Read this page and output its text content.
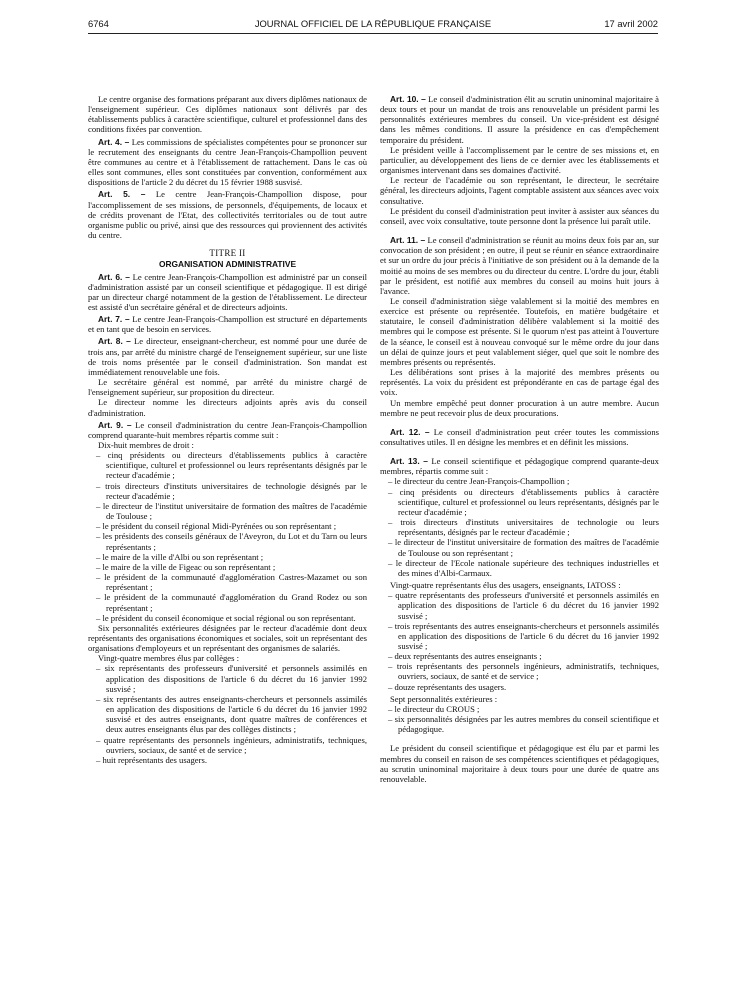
6764	JOURNAL OFFICIEL DE LA RÉPUBLIQUE FRANÇAISE	17 avril 2002

Le centre organise des formations préparant aux divers diplômes nationaux de l'enseignement supérieur. Ces diplômes nationaux sont délivrés par des établissements publics à caractère scientifique, culturel et professionnel dans des conditions fixées par convention.

Art. 4. – Les commissions de spécialistes compétentes pour se prononcer sur le recrutement des enseignants du centre Jean-François-Champollion peuvent être communes au centre et à l'établissement de rattachement. Dans le cas où elles sont communes, elles sont constituées par convention, conformément aux dispositions de l'article 2 du décret du 15 février 1988 susvisé.

Art. 5. – Le centre Jean-François-Champollion dispose, pour l'accomplissement de ses missions, de personnels, d'équipements, de locaux et de crédits provenant de l'Etat, des collectivités territoriales ou de tout autre organisme public ou privé, ainsi que des ressources qui proviennent des activités du centre.

TITRE II

ORGANISATION ADMINISTRATIVE

Art. 6. – Le centre Jean-François-Champollion est administré par un conseil d'administration assisté par un conseil scientifique et pédagogique. Il est dirigé par un directeur chargé notamment de la gestion de l'établissement. Le directeur est assisté d'un secrétaire général et de directeurs adjoints.

Art. 7. – Le centre Jean-François-Champollion est structuré en départements et en tant que de besoin en services.

Art. 8. – Le directeur, enseignant-chercheur, est nommé pour une durée de trois ans, par arrêté du ministre chargé de l'enseignement supérieur, sur une liste de trois noms présentée par le conseil d'administration. Son mandat est immédiatement renouvelable une fois.

Le secrétaire général est nommé, par arrêté du ministre chargé de l'enseignement supérieur, sur proposition du directeur.

Le directeur nomme les directeurs adjoints après avis du conseil d'administration.

Art. 9. – Le conseil d'administration du centre Jean-François-Champollion comprend quarante-huit membres répartis comme suit :

Dix-huit membres de droit :

– cinq présidents ou directeurs d'établissements publics à caractère scientifique, culturel et professionnel ou leurs représentants désignés par le recteur d'académie ;
– trois directeurs d'instituts universitaires de technologie désignés par le recteur d'académie ;
– le directeur de l'institut universitaire de formation des maîtres de l'académie de Toulouse ;
– le président du conseil régional Midi-Pyrénées ou son représentant ;
– les présidents des conseils généraux de l'Aveyron, du Lot et du Tarn ou leurs représentants ;
– le maire de la ville d'Albi ou son représentant ;
– le maire de la ville de Figeac ou son représentant ;
– le président de la communauté d'agglomération Castres-Mazamet ou son représentant ;
– le président de la communauté d'agglomération du Grand Rodez ou son représentant ;
– le président du conseil économique et social régional ou son représentant.

Six personnalités extérieures désignées par le recteur d'académie dont deux représentants des organisations économiques et sociales, soit un représentant des organisations d'employeurs et un représentant des organismes de salariés.

Vingt-quatre membres élus par collèges :

– six représentants des professeurs d'université et personnels assimilés en application des dispositions de l'article 6 du décret du 16 janvier 1992 susvisé ;
– six représentants des autres enseignants-chercheurs et personnels assimilés en application des dispositions de l'article 6 du décret du 16 janvier 1992 susvisé et des autres enseignants, dont quatre maîtres de conférences et deux autres enseignants élus par des collèges distincts ;
– quatre représentants des personnels ingénieurs, administratifs, techniques, ouvriers, sociaux, de santé et de service ;
– huit représentants des usagers.

Art. 10. – Le conseil d'administration élit au scrutin uninominal majoritaire à deux tours et pour un mandat de trois ans renouvelable un président parmi les personnalités extérieures membres du conseil. Un vice-président est désigné dans les mêmes conditions. Il assure la présidence en cas d'empêchement temporaire du président.

Le président veille à l'accomplissement par le centre de ses missions et, en particulier, au développement des liens de ce dernier avec les établissements et organismes intervenant dans ses domaines d'activité.

Le recteur de l'académie ou son représentant, le directeur, le secrétaire général, les directeurs adjoints, l'agent comptable assistent aux séances avec voix consultative.

Le président du conseil d'administration peut inviter à assister aux séances du conseil, avec voix consultative, toute personne dont la présence lui paraît utile.

Art. 11. – Le conseil d'administration se réunit au moins deux fois par an, sur convocation de son président ; en outre, il peut se réunir en séance extraordinaire et sur un ordre du jour précis à l'initiative de son président ou à la demande de la moitié au moins de ses membres ou du directeur du centre. L'ordre du jour, établi par le président, est notifié aux membres du conseil au moins huit jours à l'avance.

Le conseil d'administration siège valablement si la moitié des membres en exercice est présente ou représentée. Toutefois, en matière budgétaire et statutaire, le conseil d'administration délibère valablement si la moitié des membres qui le compose est présente. Si le quorum n'est pas atteint à l'ouverture de la séance, le conseil est à nouveau convoqué sur le même ordre du jour dans un délai de quinze jours et peut valablement siéger, quel que soit le nombre des membres présents ou représentés.

Les délibérations sont prises à la majorité des membres présents ou représentés. La voix du président est prépondérante en cas de partage égal des voix.

Un membre empêché peut donner procuration à un autre membre. Aucun membre ne peut recevoir plus de deux procurations.

Art. 12. – Le conseil d'administration peut créer toutes les commissions consultatives utiles. Il en désigne les membres et en définit les missions.

Art. 13. – Le conseil scientifique et pédagogique comprend quarante-deux membres, répartis comme suit :

– le directeur du centre Jean-François-Champollion ;
– cinq présidents ou directeurs d'établissements publics à caractère scientifique, culturel et professionnel ou leurs représentants, désignés par le recteur d'académie ;
– trois directeurs d'instituts universitaires de technologie ou leurs représentants, désignés par le recteur d'académie ;
– le directeur de l'institut universitaire de formation des maîtres de l'académie de Toulouse ou son représentant ;
– le directeur de l'Ecole nationale supérieure des techniques industrielles et des mines d'Albi-Carmaux.

Vingt-quatre représentants élus des usagers, enseignants, IATOSS :

– quatre représentants des professeurs d'université et personnels assimilés en application des dispositions de l'article 6 du décret du 16 janvier 1992 susvisé ;
– trois représentants des autres enseignants-chercheurs et personnels assimilés en application des dispositions de l'article 6 du décret du 16 janvier 1992 susvisé ;
– deux représentants des autres enseignants ;
– trois représentants des personnels ingénieurs, administratifs, techniques, ouvriers, sociaux, de santé et de service ;
– douze représentants des usagers.

Sept personnalités extérieures :

– le directeur du CROUS ;
– six personnalités désignées par les autres membres du conseil scientifique et pédagogique.

Le président du conseil scientifique et pédagogique est élu par et parmi les membres du conseil en raison de ses compétences scientifiques et pédagogiques, au scrutin uninominal majoritaire à deux tours pour une durée de quatre ans renouvelable.
